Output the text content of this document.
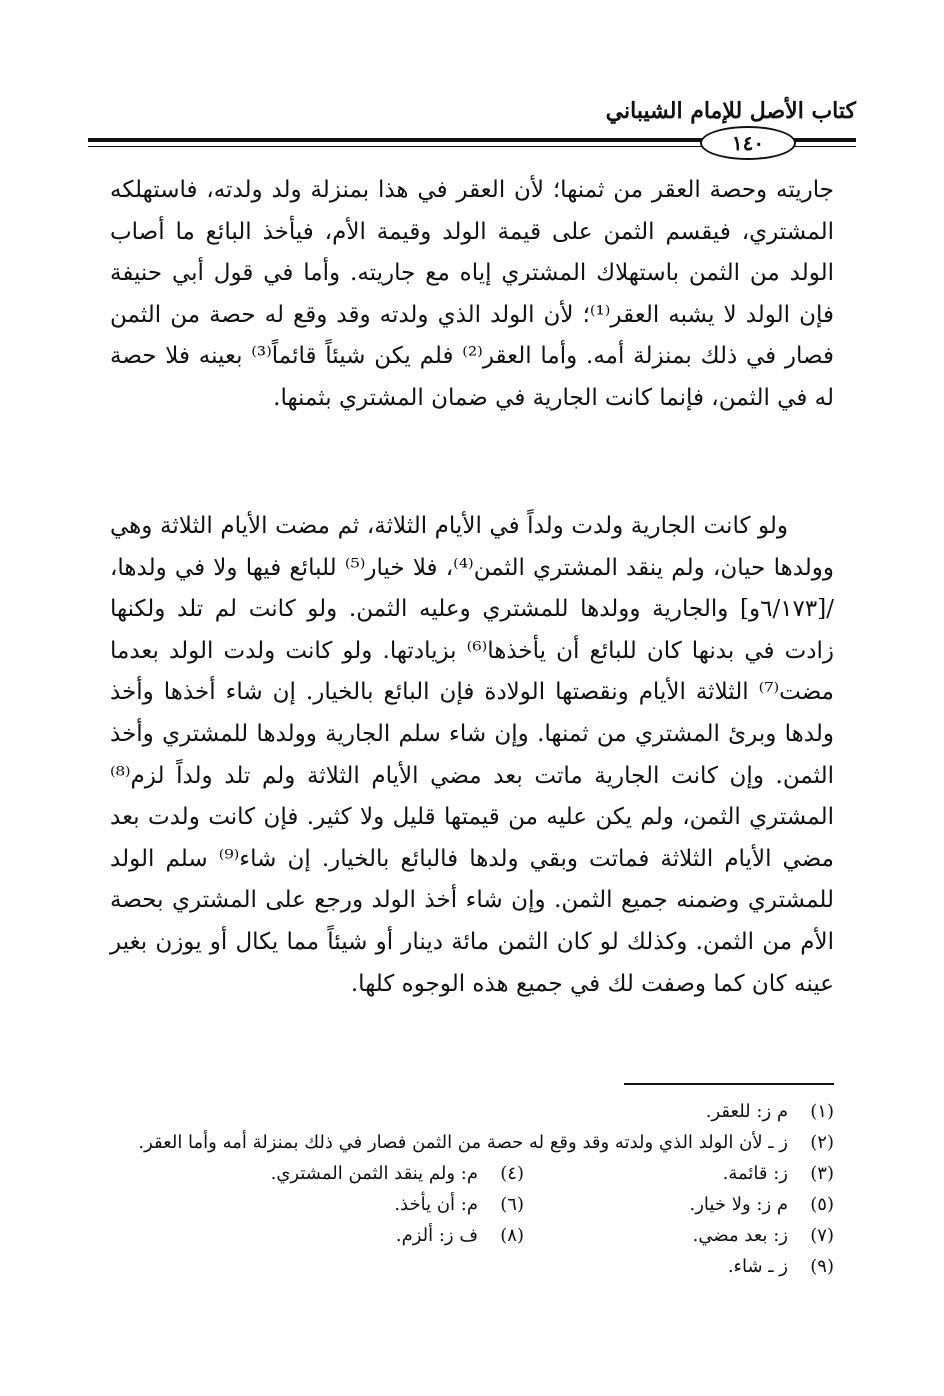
كتاب الأصل للإمام الشيباني
١٤٠
جاريته وحصة العقر من ثمنها؛ لأن العقر في هذا بمنزلة ولد ولدته، فاستهلكه المشتري، فيقسم الثمن على قيمة الولد وقيمة الأم، فيأخذ البائع ما أصاب الولد من الثمن باستهلاك المشتري إياه مع جاريته. وأما في قول أبي حنيفة فإن الولد لا يشبه العقر⁽¹⁾؛ لأن الولد الذي ولدته وقد وقع له حصة من الثمن فصار في ذلك بمنزلة أمه. وأما العقر⁽²⁾ فلم يكن شيئاً قائماً⁽³⁾ بعينه فلا حصة له في الثمن، فإنما كانت الجارية في ضمان المشتري بثمنها.
ولو كانت الجارية ولدت ولداً في الأيام الثلاثة، ثم مضت الأيام الثلاثة وهي وولدها حيان، ولم ينقد المشتري الثمن⁽⁴⁾، فلا خيار⁽⁵⁾ للبائع فيها ولا في ولدها، /[٦/١٧٣و] والجارية وولدها للمشتري وعليه الثمن. ولو كانت لم تلد ولكنها زادت في بدنها كان للبائع أن يأخذها⁽⁶⁾ بزيادتها. ولو كانت ولدت الولد بعدما مضت⁽⁷⁾ الثلاثة الأيام ونقصتها الولادة فإن البائع بالخيار. إن شاء أخذها وأخذ ولدها وبرئ المشتري من ثمنها. وإن شاء سلم الجارية وولدها للمشتري وأخذ الثمن. وإن كانت الجارية ماتت بعد مضي الأيام الثلاثة ولم تلد ولداً لزم⁽⁸⁾ المشتري الثمن، ولم يكن عليه من قيمتها قليل ولا كثير. فإن كانت ولدت بعد مضي الأيام الثلاثة فماتت وبقي ولدها فالبائع بالخيار. إن شاء⁽⁹⁾ سلم الولد للمشتري وضمنه جميع الثمن. وإن شاء أخذ الولد ورجع على المشتري بحصة الأم من الثمن. وكذلك لو كان الثمن مائة دينار أو شيئاً مما يكال أو يوزن بغير عينه كان كما وصفت لك في جميع هذه الوجوه كلها.
(١)
م ز: للعقر.
(٢)
ز ـ لأن الولد الذي ولدته وقد وقع له حصة من الثمن فصار في ذلك بمنزلة أمه وأما العقر.
(٣)
ز: قائمة.
(٤)
م: ولم ينقد الثمن المشتري.
(٥)
م ز: ولا خيار.
(٦)
م: أن يأخذ.
(٧)
ز: بعد مضي.
(٨)
ف ز: ألزم.
(٩)
ز ـ شاء.
